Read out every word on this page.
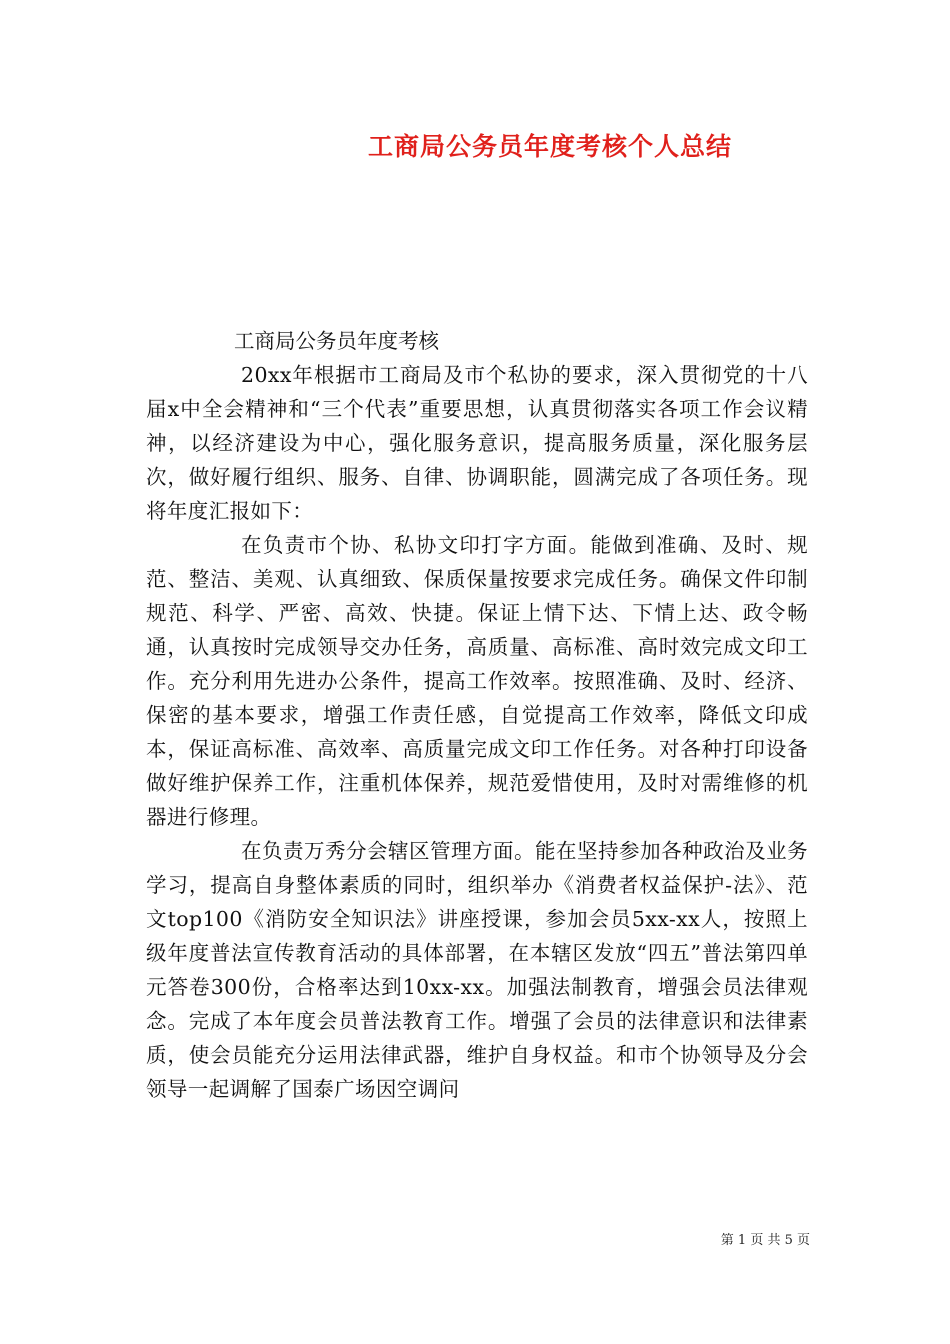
工商局公务员年度考核个人总结

工商局公务员年度考核

20xx年根据市工商局及市个私协的要求，深入贯彻党的十八届x中全会精神和“三个代表”重要思想，认真贯彻落实各项工作会议精神，以经济建设为中心，强化服务意识，提高服务质量，深化服务层次，做好履行组织、服务、自律、协调职能，圆满完成了各项任务。现将年度汇报如下：

在负责市个协、私协文印打字方面。能做到准确、及时、规范、整洁、美观、认真细致、保质保量按要求完成任务。确保文件印制规范、科学、严密、高效、快捷。保证上情下达、下情上达、政令畅通，认真按时完成领导交办任务，高质量、高标准、高时效完成文印工作。充分利用先进办公条件，提高工作效率。按照准确、及时、经济、保密的基本要求，增强工作责任感，自觉提高工作效率，降低文印成本，保证高标准、高效率、高质量完成文印工作任务。对各种打印设备做好维护保养工作，注重机体保养，规范爱惜使用，及时对需维修的机器进行修理。

在负责万秀分会辖区管理方面。能在坚持参加各种政治及业务学习，提高自身整体素质的同时，组织举办《消费者权益保护-法》、范文top100《消防安全知识法》讲座授课，参加会员5xx-xx人，按照上级年度普法宣传教育活动的具体部署，在本辖区发放“四五”普法第四单元答卷300份，合格率达到10xx-xx。加强法制教育，增强会员法律观念。完成了本年度会员普法教育工作。增强了会员的法律意识和法律素质，使会员能充分运用法律武器，维护自身权益。和市个协领导及分会领导一起调解了国泰广场因空调问

第 1 页 共 5 页
